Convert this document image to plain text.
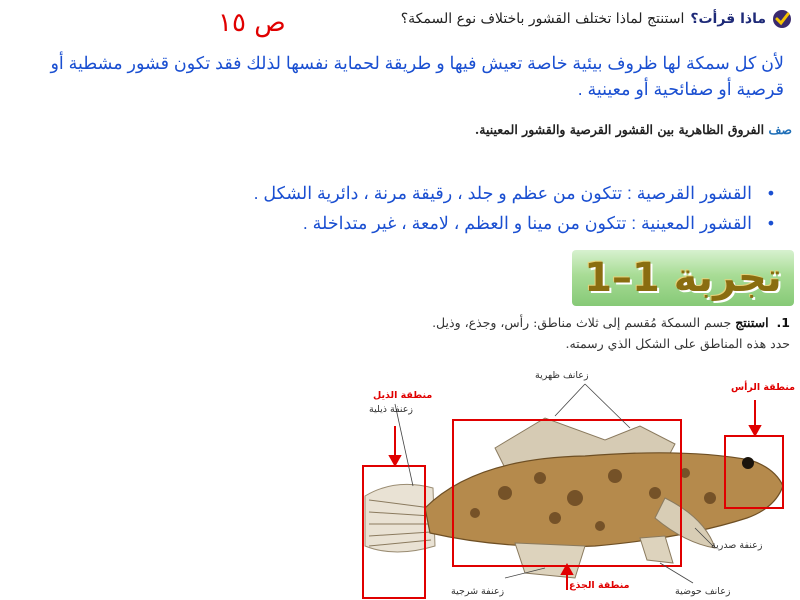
ماذا قرأت؟
استنتج لماذا تختلف القشور باختلاف نوع السمكة؟
ص ١٥
لأن كل سمكة لها ظروف بيئية خاصة تعيش فيها و طريقة لحماية نفسها لذلك فقد تكون قشور مشطية أو قرصية أو صفائحية أو معينية .
صف الفروق الظاهرية بين القشور القرصية والقشور المعينية.
• القشور القرصية : تتكون من عظم و جلد ، رقيقة مرنة ، دائرية الشكل .
• القشور المعينية : تتكون من مينا و العظم ، لامعة ، غير متداخلة .
تجربة 1–1
1. استنتج جسم السمكة مُقسم إلى ثلاث مناطق: رأس، وجذع، وذيل. حدد هذه المناطق على الشكل الذي رسمته.
زعانف ظهرية
منطقة الذيل
زعنفة ذيلية
منطقة الرأس
زعنفة صدرية
منطقة الجذع
زعنفة شرجية	زعانف حوضية
